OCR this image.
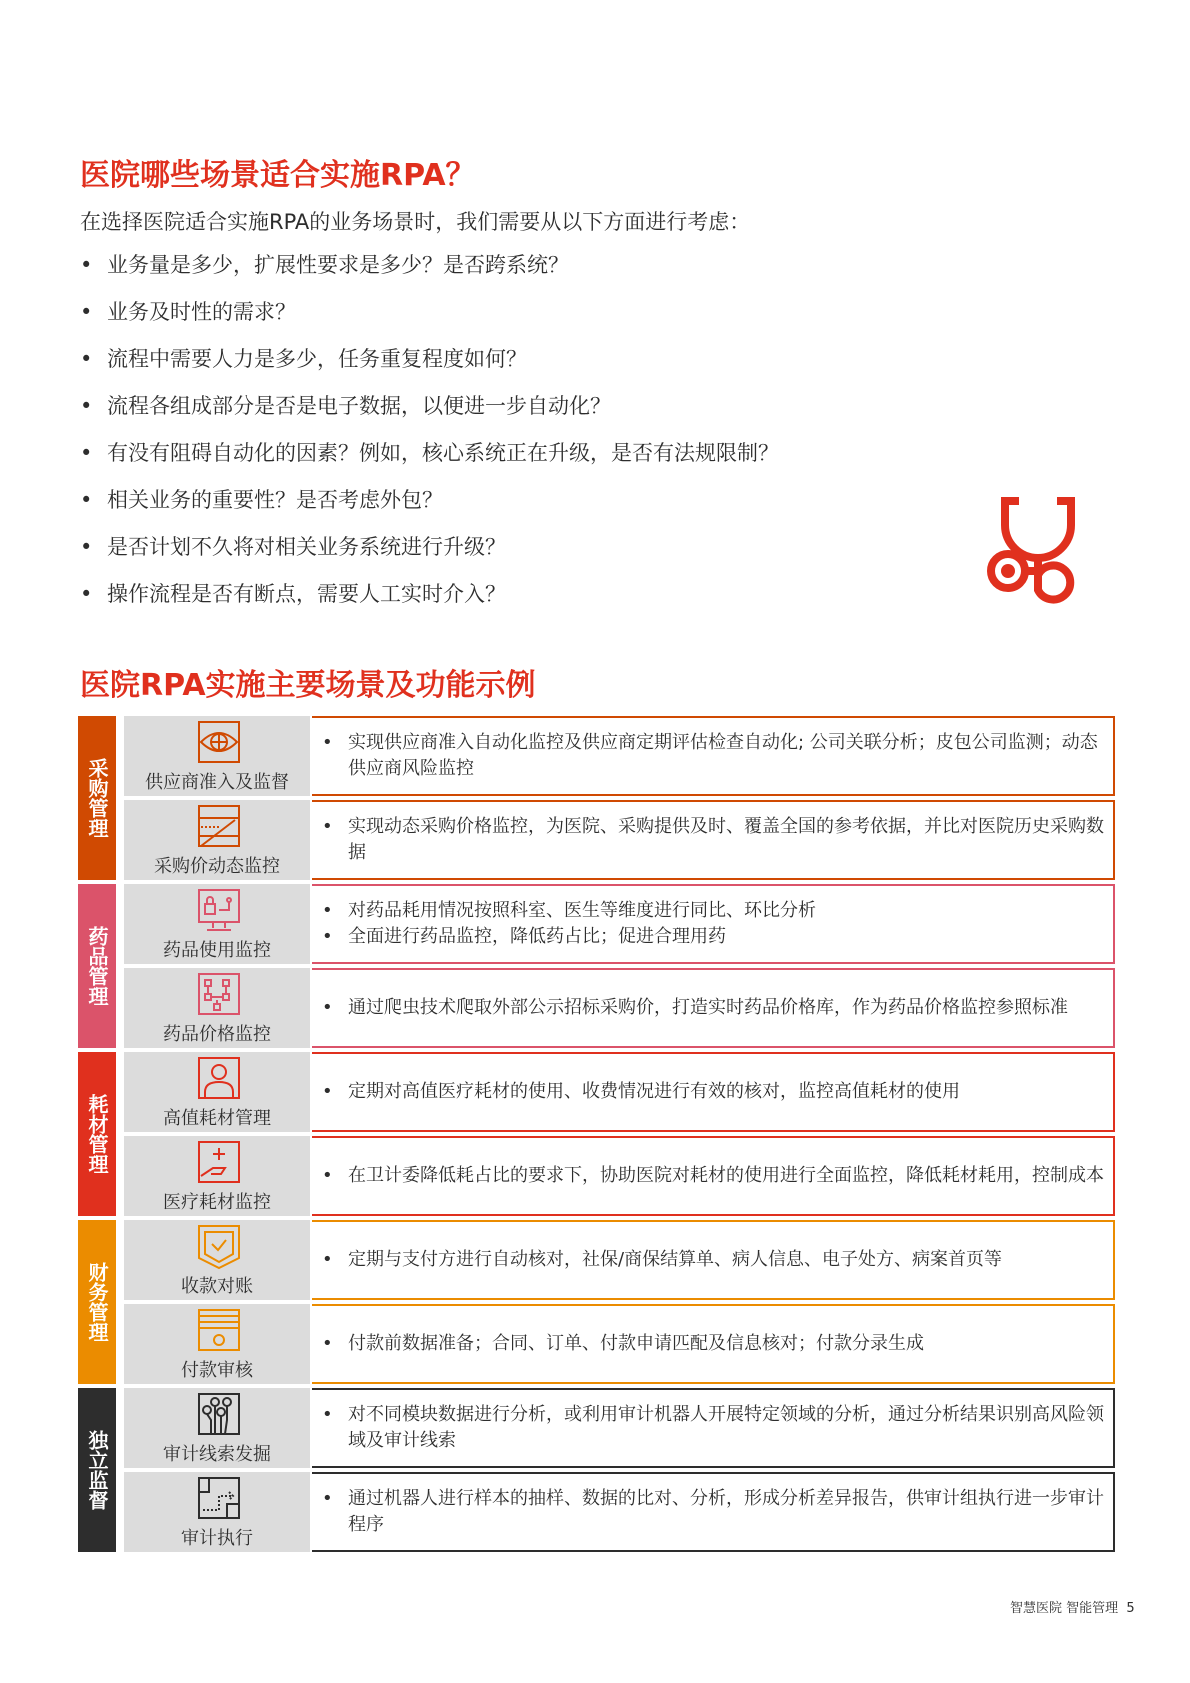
医院哪些场景适合实施RPA？
在选择医院适合实施RPA的业务场景时，我们需要从以下方面进行考虑：
• 业务量是多少，扩展性要求是多少？是否跨系统？
• 业务及时性的需求？
• 流程中需要人力是多少，任务重复程度如何？
• 流程各组成部分是否是电子数据，以便进一步自动化？
• 有没有阻碍自动化的因素？例如，核心系统正在升级，是否有法规限制？
• 相关业务的重要性？是否考虑外包？
• 是否计划不久将对相关业务系统进行升级？
• 操作流程是否有断点，需要人工实时介入？
医院RPA实施主要场景及功能示例
采购管理	供应商准入及监督
• 实现供应商准入自动化监控及供应商定期评估检查自动化; 公司关联分析；皮包公司监测；动态供应商风险监控
采购价动态监控
• 实现动态采购价格监控，为医院、采购提供及时、覆盖全国的参考依据，并比对医院历史采购数据
药品管理	药品使用监控
• 对药品耗用情况按照科室、医生等维度进行同比、环比分析
• 全面进行药品监控，降低药占比；促进合理用药
药品价格监控
• 通过爬虫技术爬取外部公示招标采购价，打造实时药品价格库，作为药品价格监控参照标准
耗材管理	高值耗材管理
• 定期对高值医疗耗材的使用、收费情况进行有效的核对，监控高值耗材的使用
医疗耗材监控
• 在卫计委降低耗占比的要求下，协助医院对耗材的使用进行全面监控，降低耗材耗用，控制成本
财务管理	收款对账
• 定期与支付方进行自动核对，社保/商保结算单、病人信息、电子处方、病案首页等
付款审核
• 付款前数据准备；合同、订单、付款申请匹配及信息核对；付款分录生成
独立监督	审计线索发掘
• 对不同模块数据进行分析，或利用审计机器人开展特定领域的分析，通过分析结果识别高风险领域及审计线索
审计执行
• 通过机器人进行样本的抽样、数据的比对、分析，形成分析差异报告，供审计组执行进一步审计程序
智慧医院 智能管理 5
